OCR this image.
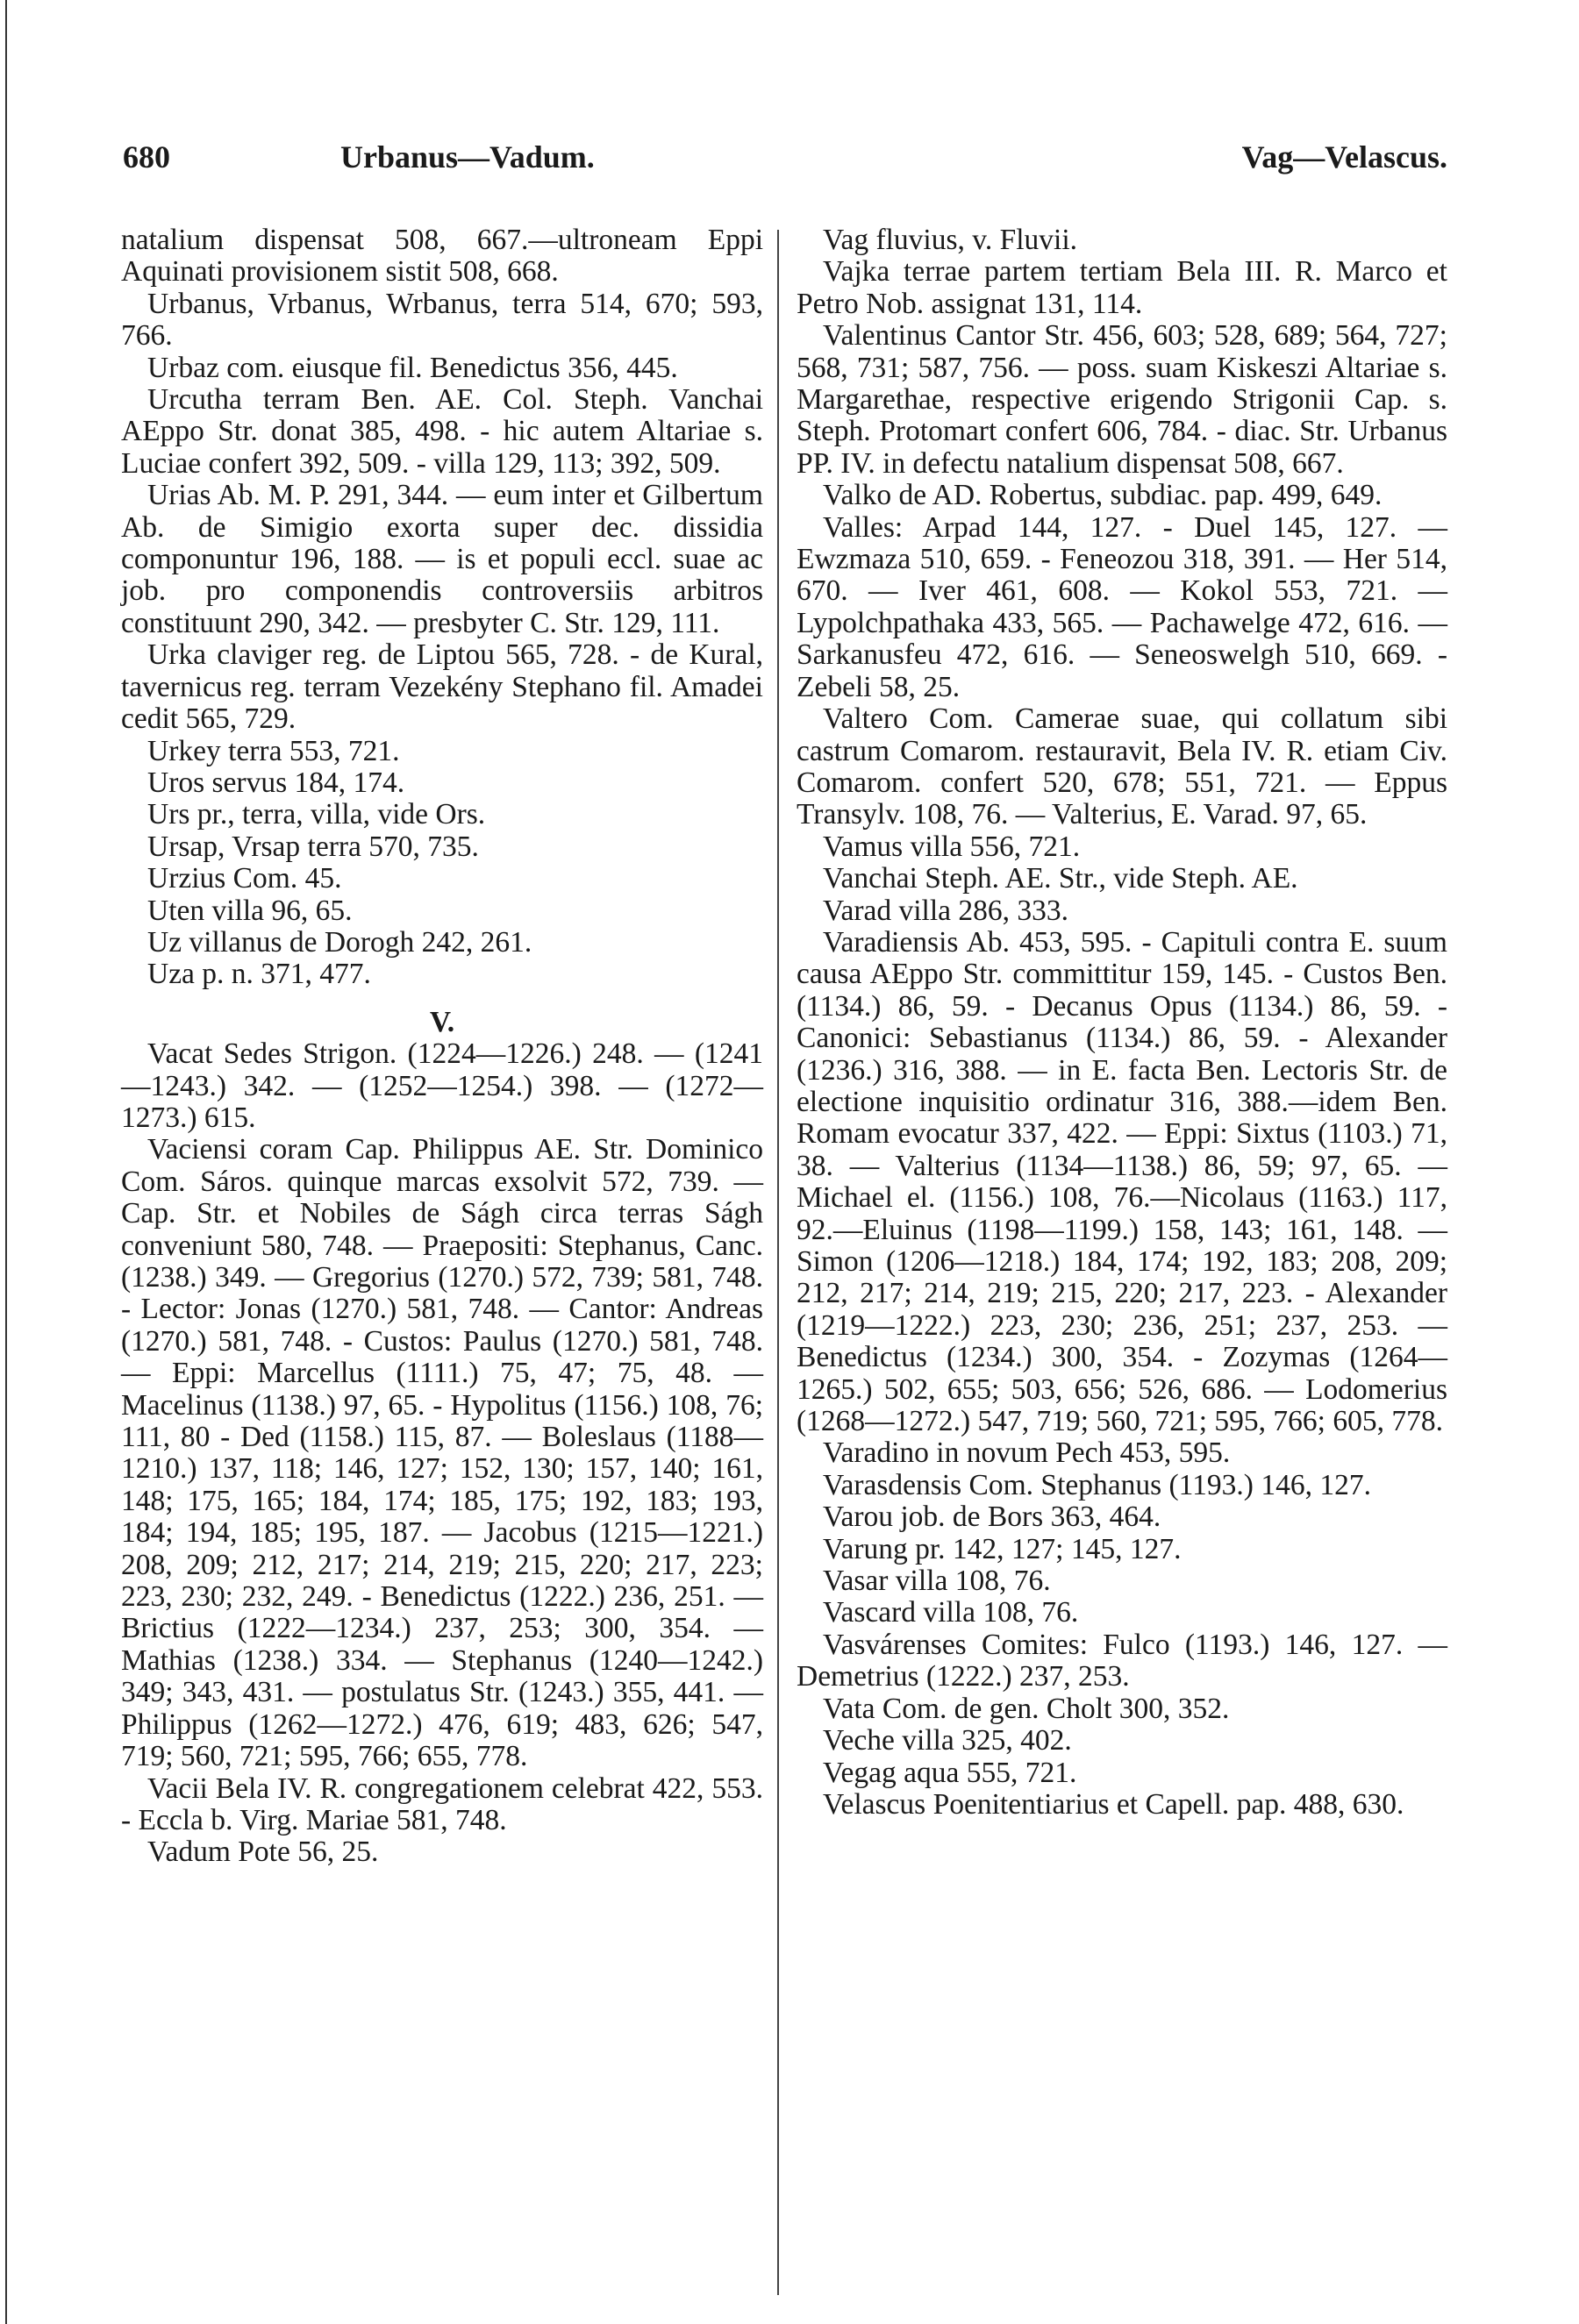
680	Urbanus—Vadum.	Vag—Velascus.

natalium dispensat 508, 667.—ultroneam Eppi Aquinati provisionem sistit 508, 668.

Urbanus, Vrbanus, Wrbanus, terra 514, 670; 593, 766.

Urbaz com. eiusque fil. Benedictus 356, 445.

Urcutha terram Ben. AE. Col. Steph. Vanchai AEppo Str. donat 385, 498. - hic autem Altariae s. Luciae confert 392, 509. - villa 129, 113; 392, 509.

Urias Ab. M. P. 291, 344. — eum inter et Gilbertum Ab. de Simigio exorta super dec. dissidia componuntur 196, 188. — is et populi eccl. suae ac job. pro componendis controversiis arbitros constituunt 290, 342. — presbyter C. Str. 129, 111.

Urka claviger reg. de Liptou 565, 728. - de Kural, tavernicus reg. terram Vezekény Stephano fil. Amadei cedit 565, 729.

Urkey terra 553, 721.

Uros servus 184, 174.

Urs pr., terra, villa, vide Ors.

Ursap, Vrsap terra 570, 735.

Urzius Com. 45.

Uten villa 96, 65.

Uz villanus de Dorogh 242, 261.

Uza p. n. 371, 477.

V.

Vacat Sedes Strigon. (1224—1226.) 248. — (1241—1243.) 342. — (1252—1254.) 398. — (1272—1273.) 615.

Vaciensi coram Cap. Philippus AE. Str. Dominico Com. Sáros. quinque marcas exsolvit 572, 739. — Cap. Str. et Nobiles de Ságh circa terras Ságh conveniunt 580, 748. — Praepositi: Stephanus, Canc. (1238.) 349. — Gregorius (1270.) 572, 739; 581, 748. - Lector: Jonas (1270.) 581, 748. — Cantor: Andreas (1270.) 581, 748. - Custos: Paulus (1270.) 581, 748. — Eppi: Marcellus (1111.) 75, 47; 75, 48. — Macelinus (1138.) 97, 65. - Hypolitus (1156.) 108, 76; 111, 80 - Ded (1158.) 115, 87. — Boleslaus (1188—1210.) 137, 118; 146, 127; 152, 130; 157, 140; 161, 148; 175, 165; 184, 174; 185, 175; 192, 183; 193, 184; 194, 185; 195, 187. — Jacobus (1215—1221.) 208, 209; 212, 217; 214, 219; 215, 220; 217, 223; 223, 230; 232, 249. - Benedictus (1222.) 236, 251. — Brictius (1222—1234.) 237, 253; 300, 354. — Mathias (1238.) 334. — Stephanus (1240—1242.) 349; 343, 431. — postulatus Str. (1243.) 355, 441. — Philippus (1262—1272.) 476, 619; 483, 626; 547, 719; 560, 721; 595, 766; 655, 778.

Vacii Bela IV. R. congregationem celebrat 422, 553. - Eccla b. Virg. Mariae 581, 748.

Vadum Pote 56, 25.

Vag fluvius, v. Fluvii.

Vajka terrae partem tertiam Bela III. R. Marco et Petro Nob. assignat 131, 114.

Valentinus Cantor Str. 456, 603; 528, 689; 564, 727; 568, 731; 587, 756. — poss. suam Kiskeszi Altariae s. Margarethae, respective erigendo Strigonii Cap. s. Steph. Protomart confert 606, 784. - diac. Str. Urbanus PP. IV. in defectu natalium dispensat 508, 667.

Valko de AD. Robertus, subdiac. pap. 499, 649.

Valles: Arpad 144, 127. - Duel 145, 127. — Ewzmaza 510, 659. - Feneozou 318, 391. — Her 514, 670. — Iver 461, 608. — Kokol 553, 721. — Lypolchpathaka 433, 565. — Pachawelge 472, 616. — Sarkanusfeu 472, 616. — Seneoswelgh 510, 669. - Zebeli 58, 25.

Valtero Com. Camerae suae, qui collatum sibi castrum Comarom. restauravit, Bela IV. R. etiam Civ. Comarom. confert 520, 678; 551, 721. — Eppus Transylv. 108, 76. — Valterius, E. Varad. 97, 65.

Vamus villa 556, 721.

Vanchai Steph. AE. Str., vide Steph. AE.

Varad villa 286, 333.

Varadiensis Ab. 453, 595. - Capituli contra E. suum causa AEppo Str. committitur 159, 145. - Custos Ben. (1134.) 86, 59. - Decanus Opus (1134.) 86, 59. - Canonici: Sebastianus (1134.) 86, 59. - Alexander (1236.) 316, 388. — in E. facta Ben. Lectoris Str. de electione inquisitio ordinatur 316, 388.—idem Ben. Romam evocatur 337, 422. — Eppi: Sixtus (1103.) 71, 38. — Valterius (1134—1138.) 86, 59; 97, 65. —Michael el. (1156.) 108, 76.—Nicolaus (1163.) 117, 92.—Eluinus (1198—1199.) 158, 143; 161, 148. —Simon (1206—1218.) 184, 174; 192, 183; 208, 209; 212, 217; 214, 219; 215, 220; 217, 223. - Alexander (1219—1222.) 223, 230; 236, 251; 237, 253. — Benedictus (1234.) 300, 354. - Zozymas (1264—1265.) 502, 655; 503, 656; 526, 686. — Lodomerius (1268—1272.) 547, 719; 560, 721; 595, 766; 605, 778.

Varadino in novum Pech 453, 595.

Varasdensis Com. Stephanus (1193.) 146, 127.

Varou job. de Bors 363, 464.

Varung pr. 142, 127; 145, 127.

Vasar villa 108, 76.

Vascard villa 108, 76.

Vasvárenses Comites: Fulco (1193.) 146, 127. — Demetrius (1222.) 237, 253.

Vata Com. de gen. Cholt 300, 352.

Veche villa 325, 402.

Vegag aqua 555, 721.

Velascus Poenitentiarius et Capell. pap. 488, 630.
